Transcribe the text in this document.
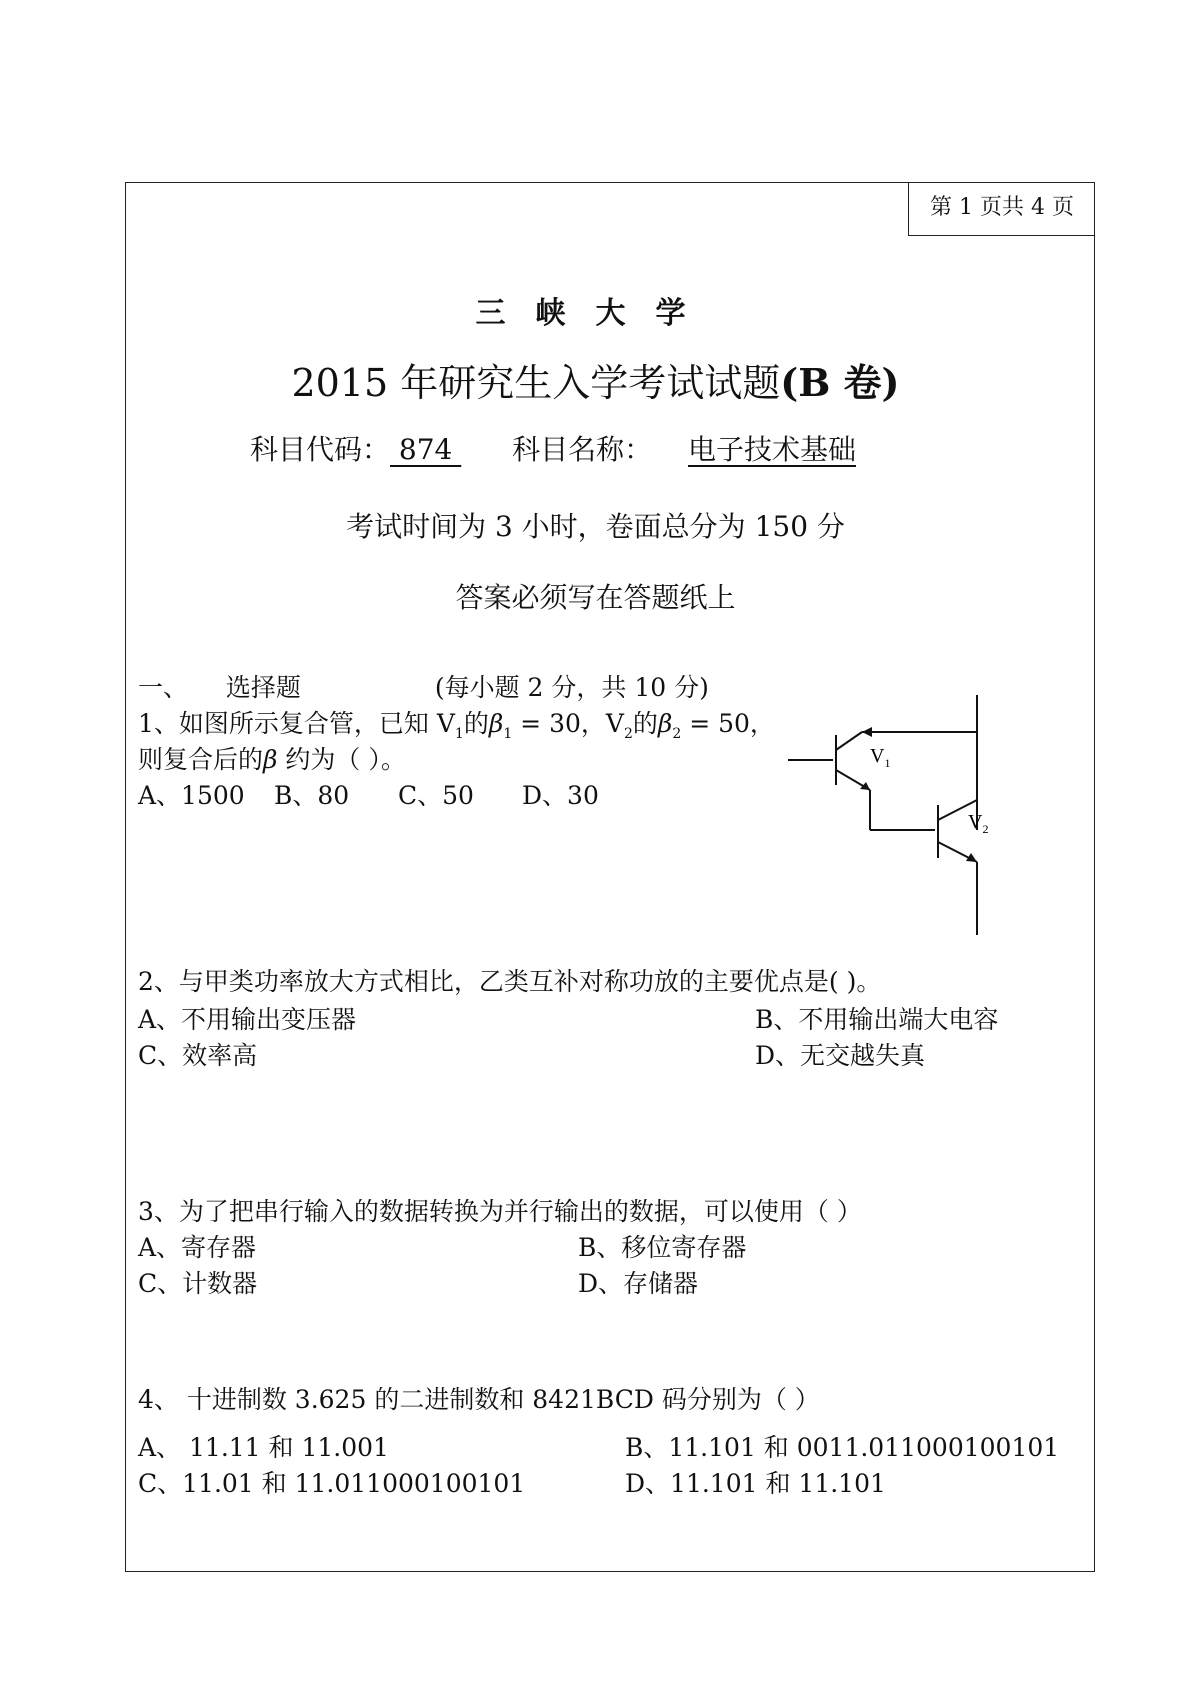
第 1 页共 4 页
三峡大学
2015 年研究生入学考试试题(B 卷)
科目代码： 874  科目名称： 电子技术基础
考试时间为 3 小时，卷面总分为 150 分
答案必须写在答题纸上
一、 选择题	(每小题 2 分，共 10 分)
1、如图所示复合管，已知 $V_1$的$\beta_1 = 30$，$V_2$的$\beta_2 = 50$，
则复合后的β 约为（ ）。
A、1500 B、80 C、50 D、30
$V_1$
$V_2$
2、与甲类功率放大方式相比，乙类互补对称功放的主要优点是( )。
A、不用输出变压器	B、不用输出端大电容
C、效率高	D、无交越失真
3、为了把串行输入的数据转换为并行输出的数据，可以使用（ ）
A、寄存器	B、移位寄存器
C、计数器	D、存储器
4、 十进制数 3.625 的二进制数和 8421BCD 码分别为（ ）
A、 11.11 和 11.001	B、11.101 和 0011.011000100101
C、11.01 和 11.011000100101	D、11.101 和 11.101
